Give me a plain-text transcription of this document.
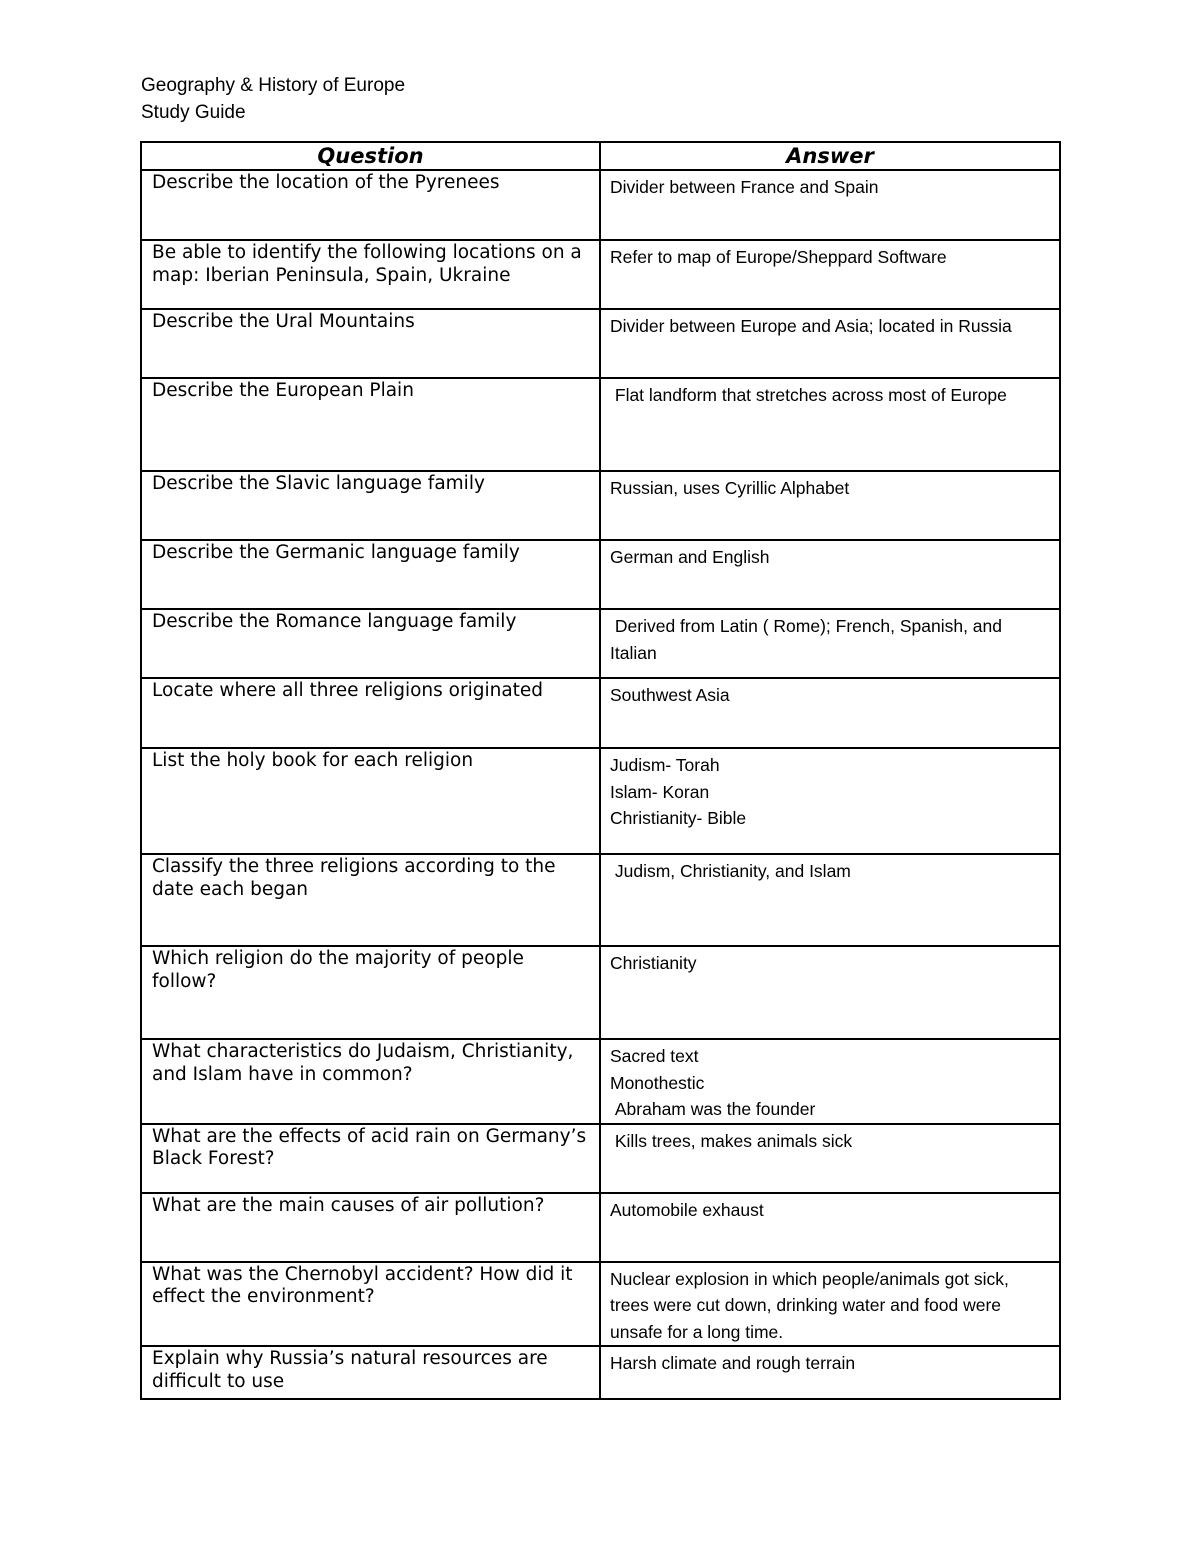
Geography & History of Europe
Study Guide
Question	Answer
Describe the location of the Pyrenees	Divider between France and Spain

Be able to identify the following locations on a map: Iberian Peninsula, Spain, Ukraine	Refer to map of Europe/Sheppard Software

Describe the Ural Mountains	Divider between Europe and Asia; located in Russia

Describe the European Plain	Flat landform that stretches across most of Europe

Describe the Slavic language family	Russian, uses Cyrillic Alphabet

Describe the Germanic language family	German and English

Describe the Romance language family	Derived from Latin ( Rome); French, Spanish, and Italian

Locate where all three religions originated	Southwest Asia

List the holy book for each religion	Judism- Torah
Islam- Koran
Christianity- Bible

Classify the three religions according to the date each began	Judism, Christianity, and Islam

Which religion do the majority of people follow?	Christianity

What characteristics do Judaism, Christianity, and Islam have in common?	Sacred text
Monothestic
Abraham was the founder

What are the effects of acid rain on Germany’s Black Forest?	Kills trees, makes animals sick

What are the main causes of air pollution?	Automobile exhaust

What was the Chernobyl accident? How did it effect the environment?	Nuclear explosion in which people/animals got sick, trees were cut down, drinking water and food were unsafe for a long time.

Explain why Russia’s natural resources are difficult to use	Harsh climate and rough terrain
